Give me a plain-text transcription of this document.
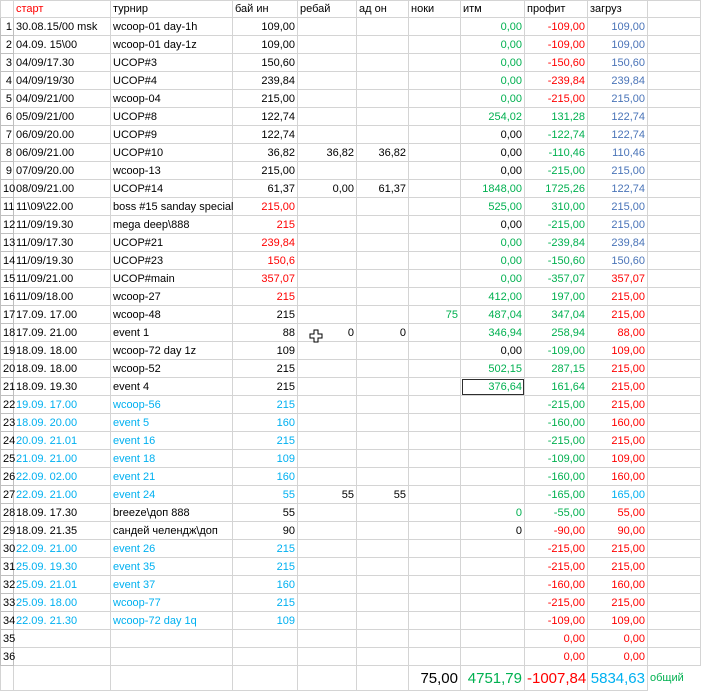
	старт	турнир	бай ин	ребай	ад он	ноки	итм	профит	загруз	
1	30.08.15/00 msk	wcoop-01 day-1h	109,00				0,00	-109,00	109,00	
2	04.09. 15\00	wcoop-01 day-1z	109,00				0,00	-109,00	109,00	
3	04/09/17.30	UCOP#3	150,60				0,00	-150,60	150,60	
4	04/09/19/30	UCOP#4	239,84				0,00	-239,84	239,84	
5	04/09/21/00	wcoop-04	215,00				0,00	-215,00	215,00	
6	05/09/21/00	UCOP#8	122,74				254,02	131,28	122,74	
7	06/09/20.00	UCOP#9	122,74				0,00	-122,74	122,74	
8	06/09/21.00	UCOP#10	36,82	36,82	36,82		0,00	-110,46	110,46	
9	07/09/20.00	wcoop-13	215,00				0,00	-215,00	215,00	
10	08/09/21.00	UCOP#14	61,37	0,00	61,37		1848,00	1725,26	122,74	
11	11\09\22.00	boss #15 sanday special	215,00				525,00	310,00	215,00	
12	11/09/19.30	mega deep\888	215				0,00	-215,00	215,00	
13	11/09/17.30	UCOP#21	239,84				0,00	-239,84	239,84	
14	11/09/19.30	UCOP#23	150,6				0,00	-150,60	150,60	
15	11/09/21.00	UCOP#main	357,07				0,00	-357,07	357,07	
16	11/09/18.00	wcoop-27	215				412,00	197,00	215,00	
17	17.09. 17.00	wcoop-48	215			75	487,04	347,04	215,00	
18	17.09. 21.00	event 1	88	0	0		346,94	258,94	88,00	
19	18.09. 18.00	wcoop-72 day 1z	109				0,00	-109,00	109,00	
20	18.09. 18.00	wcoop-52	215				502,15	287,15	215,00	
21	18.09. 19.30	event 4	215				376,64	161,64	215,00	
22	19.09. 17.00	wcoop-56	215					-215,00	215,00	
23	18.09. 20.00	event 5	160					-160,00	160,00	
24	20.09. 21.01	event 16	215					-215,00	215,00	
25	21.09. 21.00	event 18	109					-109,00	109,00	
26	22.09. 02.00	event 21	160					-160,00	160,00	
27	22.09. 21.00	event 24	55	55	55			-165,00	165,00	
28	18.09. 17.30	breeze\доп 888	55				0	-55,00	55,00	
29	18.09. 21.35	сандей челендж\доп	90				0	-90,00	90,00	
30	22.09. 21.00	event 26	215					-215,00	215,00	
31	25.09. 19.30	event 35	215					-215,00	215,00	
32	25.09. 21.01	event 37	160					-160,00	160,00	
33	25.09. 18.00	wcoop-77	215					-215,00	215,00	
34	22.09. 21.30	wcoop-72 day 1q	109					-109,00	109,00	
35								0,00	0,00	
36								0,00	0,00	
						75,00	4751,79	-1007,84	5834,63	общий
